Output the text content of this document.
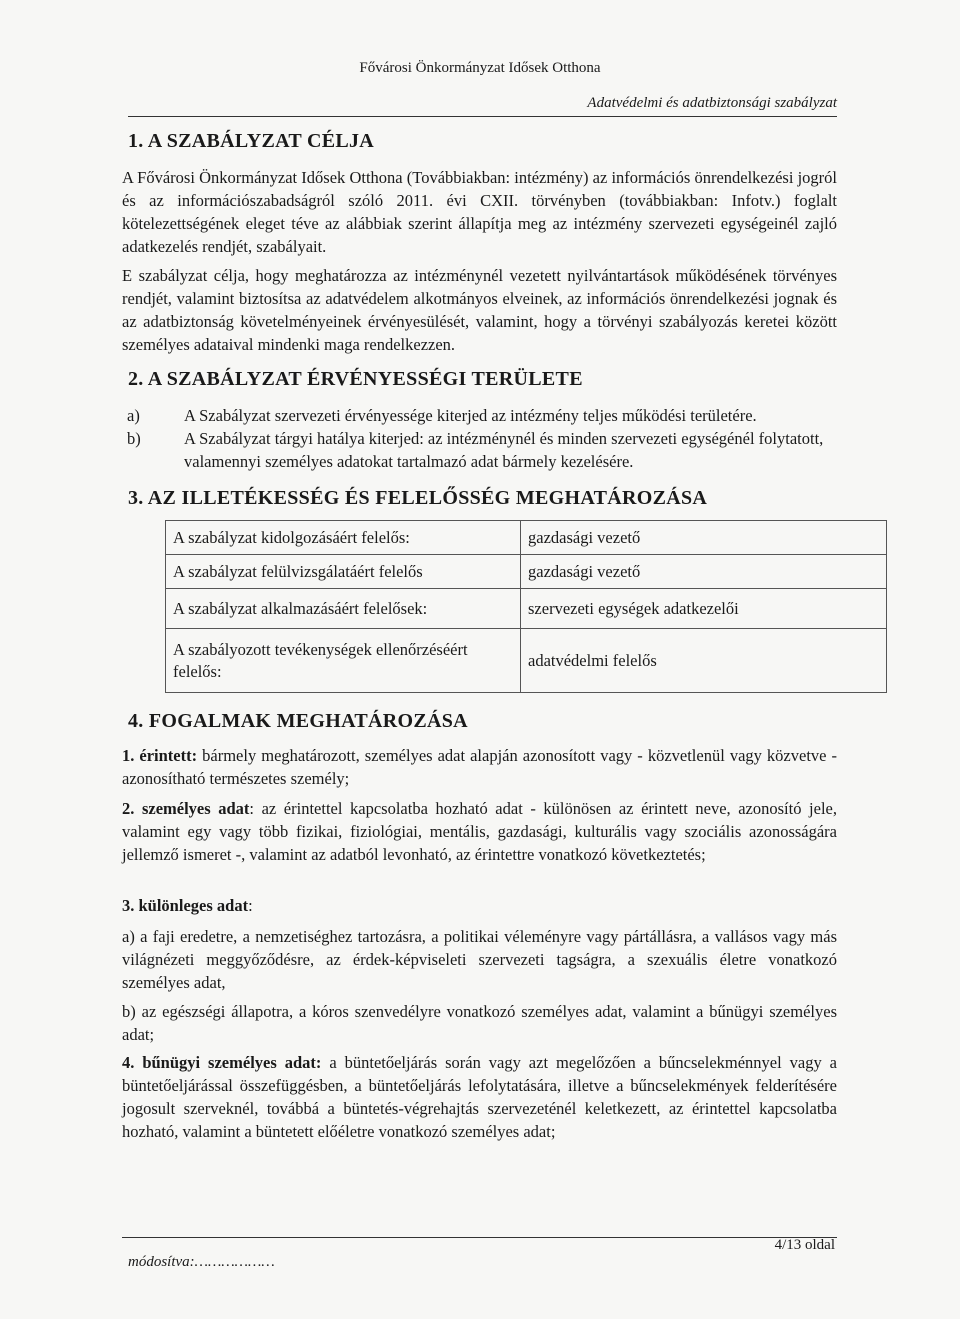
Fővárosi Önkormányzat Idősek Otthona
Adatvédelmi és adatbiztonsági szabályzat
1. A SZABÁLYZAT CÉLJA
A Fővárosi Önkormányzat Idősek Otthona (Továbbiakban: intézmény) az információs önrendelkezési jogról és az információszabadságról szóló 2011. évi CXII. törvényben (továbbiakban: Infotv.) foglalt kötelezettségének eleget téve az alábbiak szerint állapítja meg az intézmény szervezeti egységeinél zajló adatkezelés rendjét, szabályait.
E szabályzat célja, hogy meghatározza az intézménynél vezetett nyilvántartások működésének törvényes rendjét, valamint biztosítsa az adatvédelem alkotmányos elveinek, az információs önrendelkezési jognak és az adatbiztonság követelményeinek érvényesülését, valamint, hogy a törvényi szabályozás keretei között személyes adataival mindenki maga rendelkezzen.
2. A SZABÁLYZAT ÉRVÉNYESSÉGI TERÜLETE
a)	A Szabályzat szervezeti érvényessége kiterjed az intézmény teljes működési területére.
b)	A Szabályzat tárgyi hatálya kiterjed: az intézménynél és minden szervezeti egységénél folytatott, valamennyi személyes adatokat tartalmazó adat bármely kezelésére.
3. AZ ILLETÉKESSÉG ÉS FELELŐSSÉG MEGHATÁROZÁSA
A szabályzat kidolgozásáért felelős:	gazdasági vezető
A szabályzat felülvizsgálatáért felelős	gazdasági vezető
A szabályzat alkalmazásáért felelősek:	szervezeti egységek adatkezelői
A szabályozott tevékenységek ellenőrzéséért felelős:	adatvédelmi felelős
4. FOGALMAK MEGHATÁROZÁSA
1. érintett: bármely meghatározott, személyes adat alapján azonosított vagy - közvetlenül vagy közvetve - azonosítható természetes személy;
2. személyes adat: az érintettel kapcsolatba hozható adat - különösen az érintett neve, azonosító jele, valamint egy vagy több fizikai, fiziológiai, mentális, gazdasági, kulturális vagy szociális azonosságára jellemző ismeret -, valamint az adatból levonható, az érintettre vonatkozó következtetés;
3. különleges adat:
a) a faji eredetre, a nemzetiséghez tartozásra, a politikai véleményre vagy pártállásra, a vallásos vagy más világnézeti meggyőződésre, az érdek-képviseleti szervezeti tagságra, a szexuális életre vonatkozó személyes adat,
b) az egészségi állapotra, a kóros szenvedélyre vonatkozó személyes adat, valamint a bűnügyi személyes adat;
4. bűnügyi személyes adat: a büntetőeljárás során vagy azt megelőzően a bűncselekménnyel vagy a büntetőeljárással összefüggésben, a büntetőeljárás lefolytatására, illetve a bűncselekmények felderítésére jogosult szerveknél, továbbá a büntetés-végrehajtás szervezeténél keletkezett, az érintettel kapcsolatba hozható, valamint a büntetett előéletre vonatkozó személyes adat;
4/13 oldal
módosítva:………………
